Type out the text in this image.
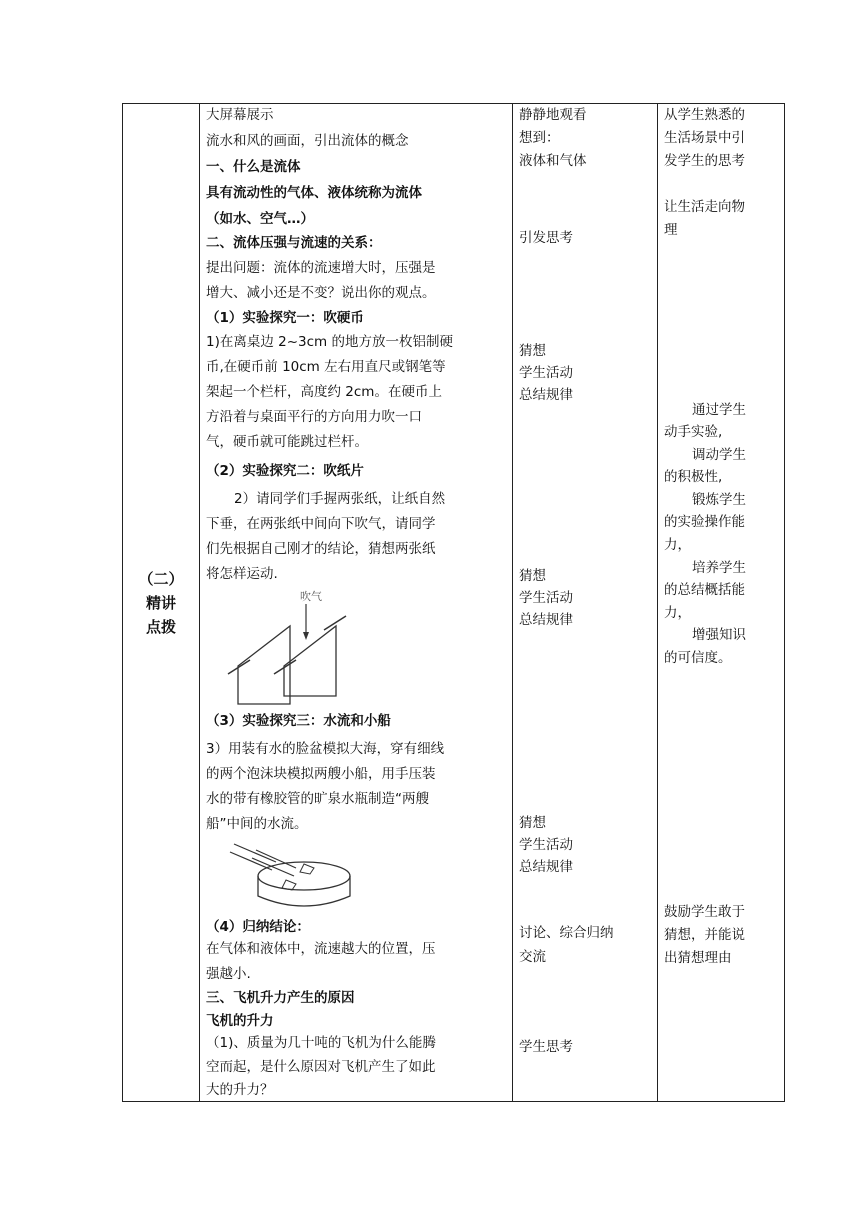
（二）
精讲
点拨

大屏幕展示
流水和风的画面，引出流体的概念
一、什么是流体
具有流动性的气体、液体统称为流体
（如水、空气…）
二、流体压强与流速的关系：
提出问题：流体的流速增大时，压强是
增大、减小还是不变？说出你的观点。
（1）实验探究一：吹硬币
1)在离桌边 2~3cm 的地方放一枚铝制硬
币,在硬币前 10cm 左右用直尺或钢笔等
架起一个栏杆，高度约 2cm。在硬币上
方沿着与桌面平行的方向用力吹一口
气，硬币就可能跳过栏杆。
（2）实验探究二：吹纸片
2）请同学们手握两张纸，让纸自然
下垂，在两张纸中间向下吹气，请同学
们先根据自己刚才的结论，猜想两张纸
将怎样运动.
吹气
（3）实验探究三：水流和小船
3）用装有水的脸盆模拟大海，穿有细线
的两个泡沫块模拟两艘小船，用手压装
水的带有橡胶管的旷泉水瓶制造“两艘
船”中间的水流。
（4）归纳结论：
在气体和液体中，流速越大的位置，压
强越小.
三、飞机升力产生的原因
飞机的升力
（1)、质量为几十吨的飞机为什么能腾
空而起，是什么原因对飞机产生了如此
大的升力？

静静地观看
想到：
液体和气体
引发思考
猜想
学生活动
总结规律
猜想
学生活动
总结规律
猜想
学生活动
总结规律
讨论、综合归纳
交流
学生思考

从学生熟悉的
生活场景中引
发学生的思考
让生活走向物
理
通过学生
动手实验,
调动学生
的积极性,
锻炼学生
的实验操作能
力，
培养学生
的总结概括能
力，
增强知识
的可信度。
鼓励学生敢于
猜想，并能说
出猜想理由
